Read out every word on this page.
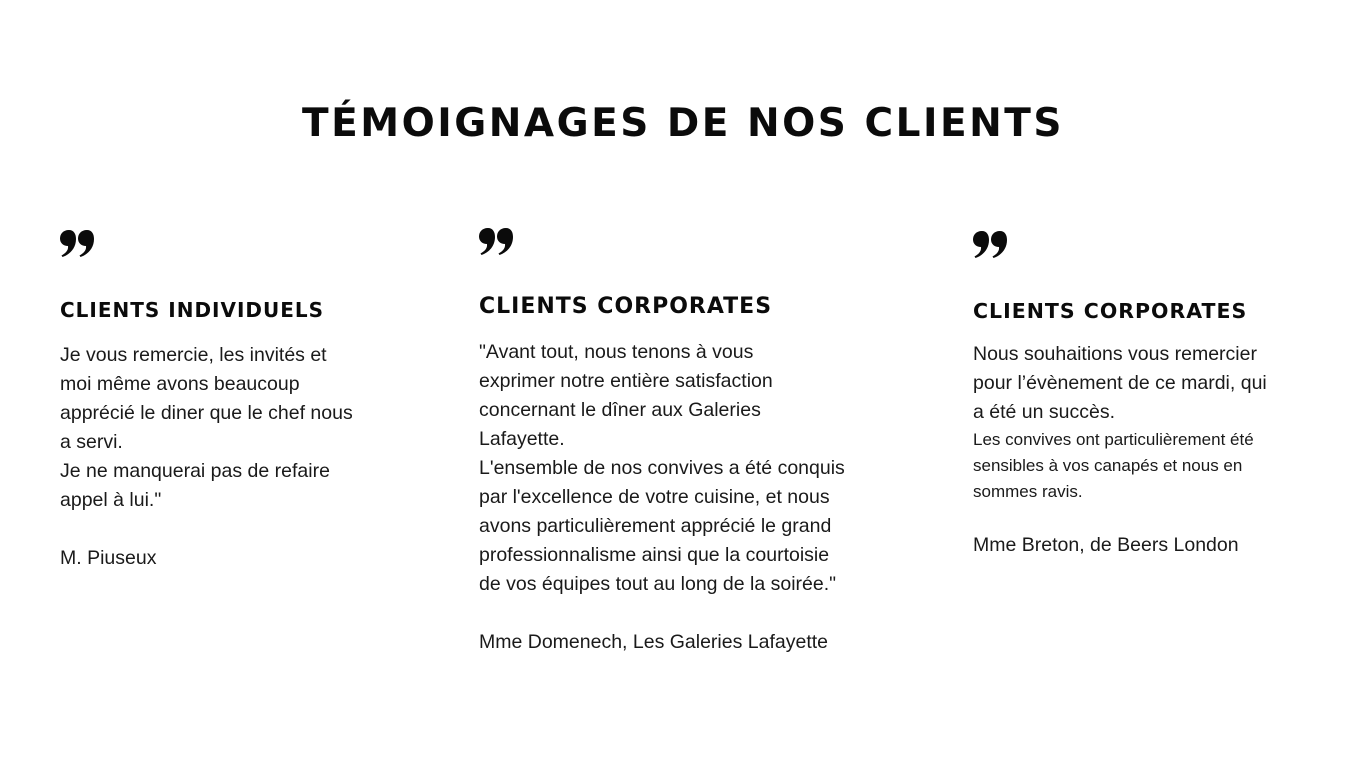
TÉMOIGNAGES DE NOS CLIENTS
CLIENTS INDIVIDUELS

Je vous remercie, les invités et
moi même avons beaucoup
apprécié le diner que le chef nous
a servi.
Je ne manquerai pas de refaire
appel à lui."

M. Piuseux

CLIENTS CORPORATES

"Avant tout, nous tenons à vous
exprimer notre entière satisfaction
concernant le dîner aux Galeries
Lafayette.
L'ensemble de nos convives a été conquis
par l'excellence de votre cuisine, et nous
avons particulièrement apprécié le grand
professionnalisme ainsi que la courtoisie
de vos équipes tout au long de la soirée."

Mme Domenech, Les Galeries Lafayette

CLIENTS CORPORATES

Nous souhaitions vous remercier
pour l’évènement de ce mardi, qui
a été un succès.

Les convives ont particulièrement été
sensibles à vos canapés et nous en
sommes ravis.

Mme Breton, de Beers London
